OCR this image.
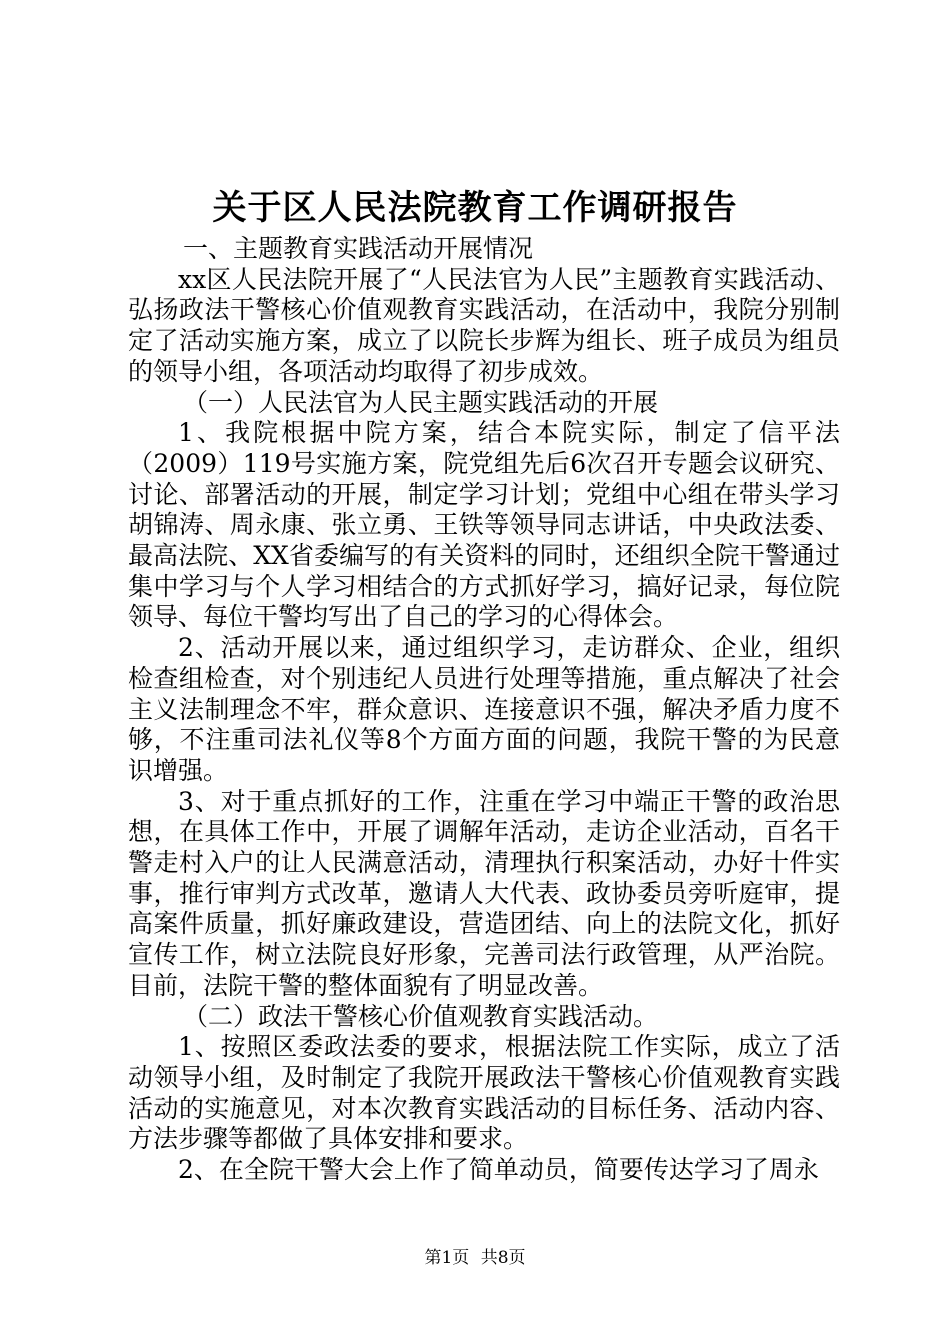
关于区人民法院教育工作调研报告

一、主题教育实践活动开展情况

xx区人民法院开展了“人民法官为人民”主题教育实践活动、弘扬政法干警核心价值观教育实践活动，在活动中，我院分别制定了活动实施方案，成立了以院长步辉为组长、班子成员为组员的领导小组，各项活动均取得了初步成效。

（一）人民法官为人民主题实践活动的开展

1、我院根据中院方案，结合本院实际，制定了信平法（2009）119号实施方案，院党组先后6次召开专题会议研究、讨论、部署活动的开展，制定学习计划；党组中心组在带头学习胡锦涛、周永康、张立勇、王铁等领导同志讲话，中央政法委、最高法院、XX省委编写的有关资料的同时，还组织全院干警通过集中学习与个人学习相结合的方式抓好学习，搞好记录，每位院领导、每位干警均写出了自己的学习的心得体会。

2、活动开展以来，通过组织学习，走访群众、企业，组织检查组检查，对个别违纪人员进行处理等措施，重点解决了社会主义法制理念不牢，群众意识、连接意识不强，解决矛盾力度不够，不注重司法礼仪等8个方面方面的问题，我院干警的为民意识增强。

3、对于重点抓好的工作，注重在学习中端正干警的政治思想，在具体工作中，开展了调解年活动，走访企业活动，百名干警走村入户的让人民满意活动，清理执行积案活动，办好十件实事，推行审判方式改革，邀请人大代表、政协委员旁听庭审，提高案件质量，抓好廉政建设，营造团结、向上的法院文化，抓好宣传工作，树立法院良好形象，完善司法行政管理，从严治院。目前，法院干警的整体面貌有了明显改善。

（二）政法干警核心价值观教育实践活动。

1、按照区委政法委的要求，根据法院工作实际，成立了活动领导小组，及时制定了我院开展政法干警核心价值观教育实践活动的实施意见，对本次教育实践活动的目标任务、活动内容、方法步骤等都做了具体安排和要求。

2、在全院干警大会上作了简单动员，简要传达学习了周永

第1页 共8页
